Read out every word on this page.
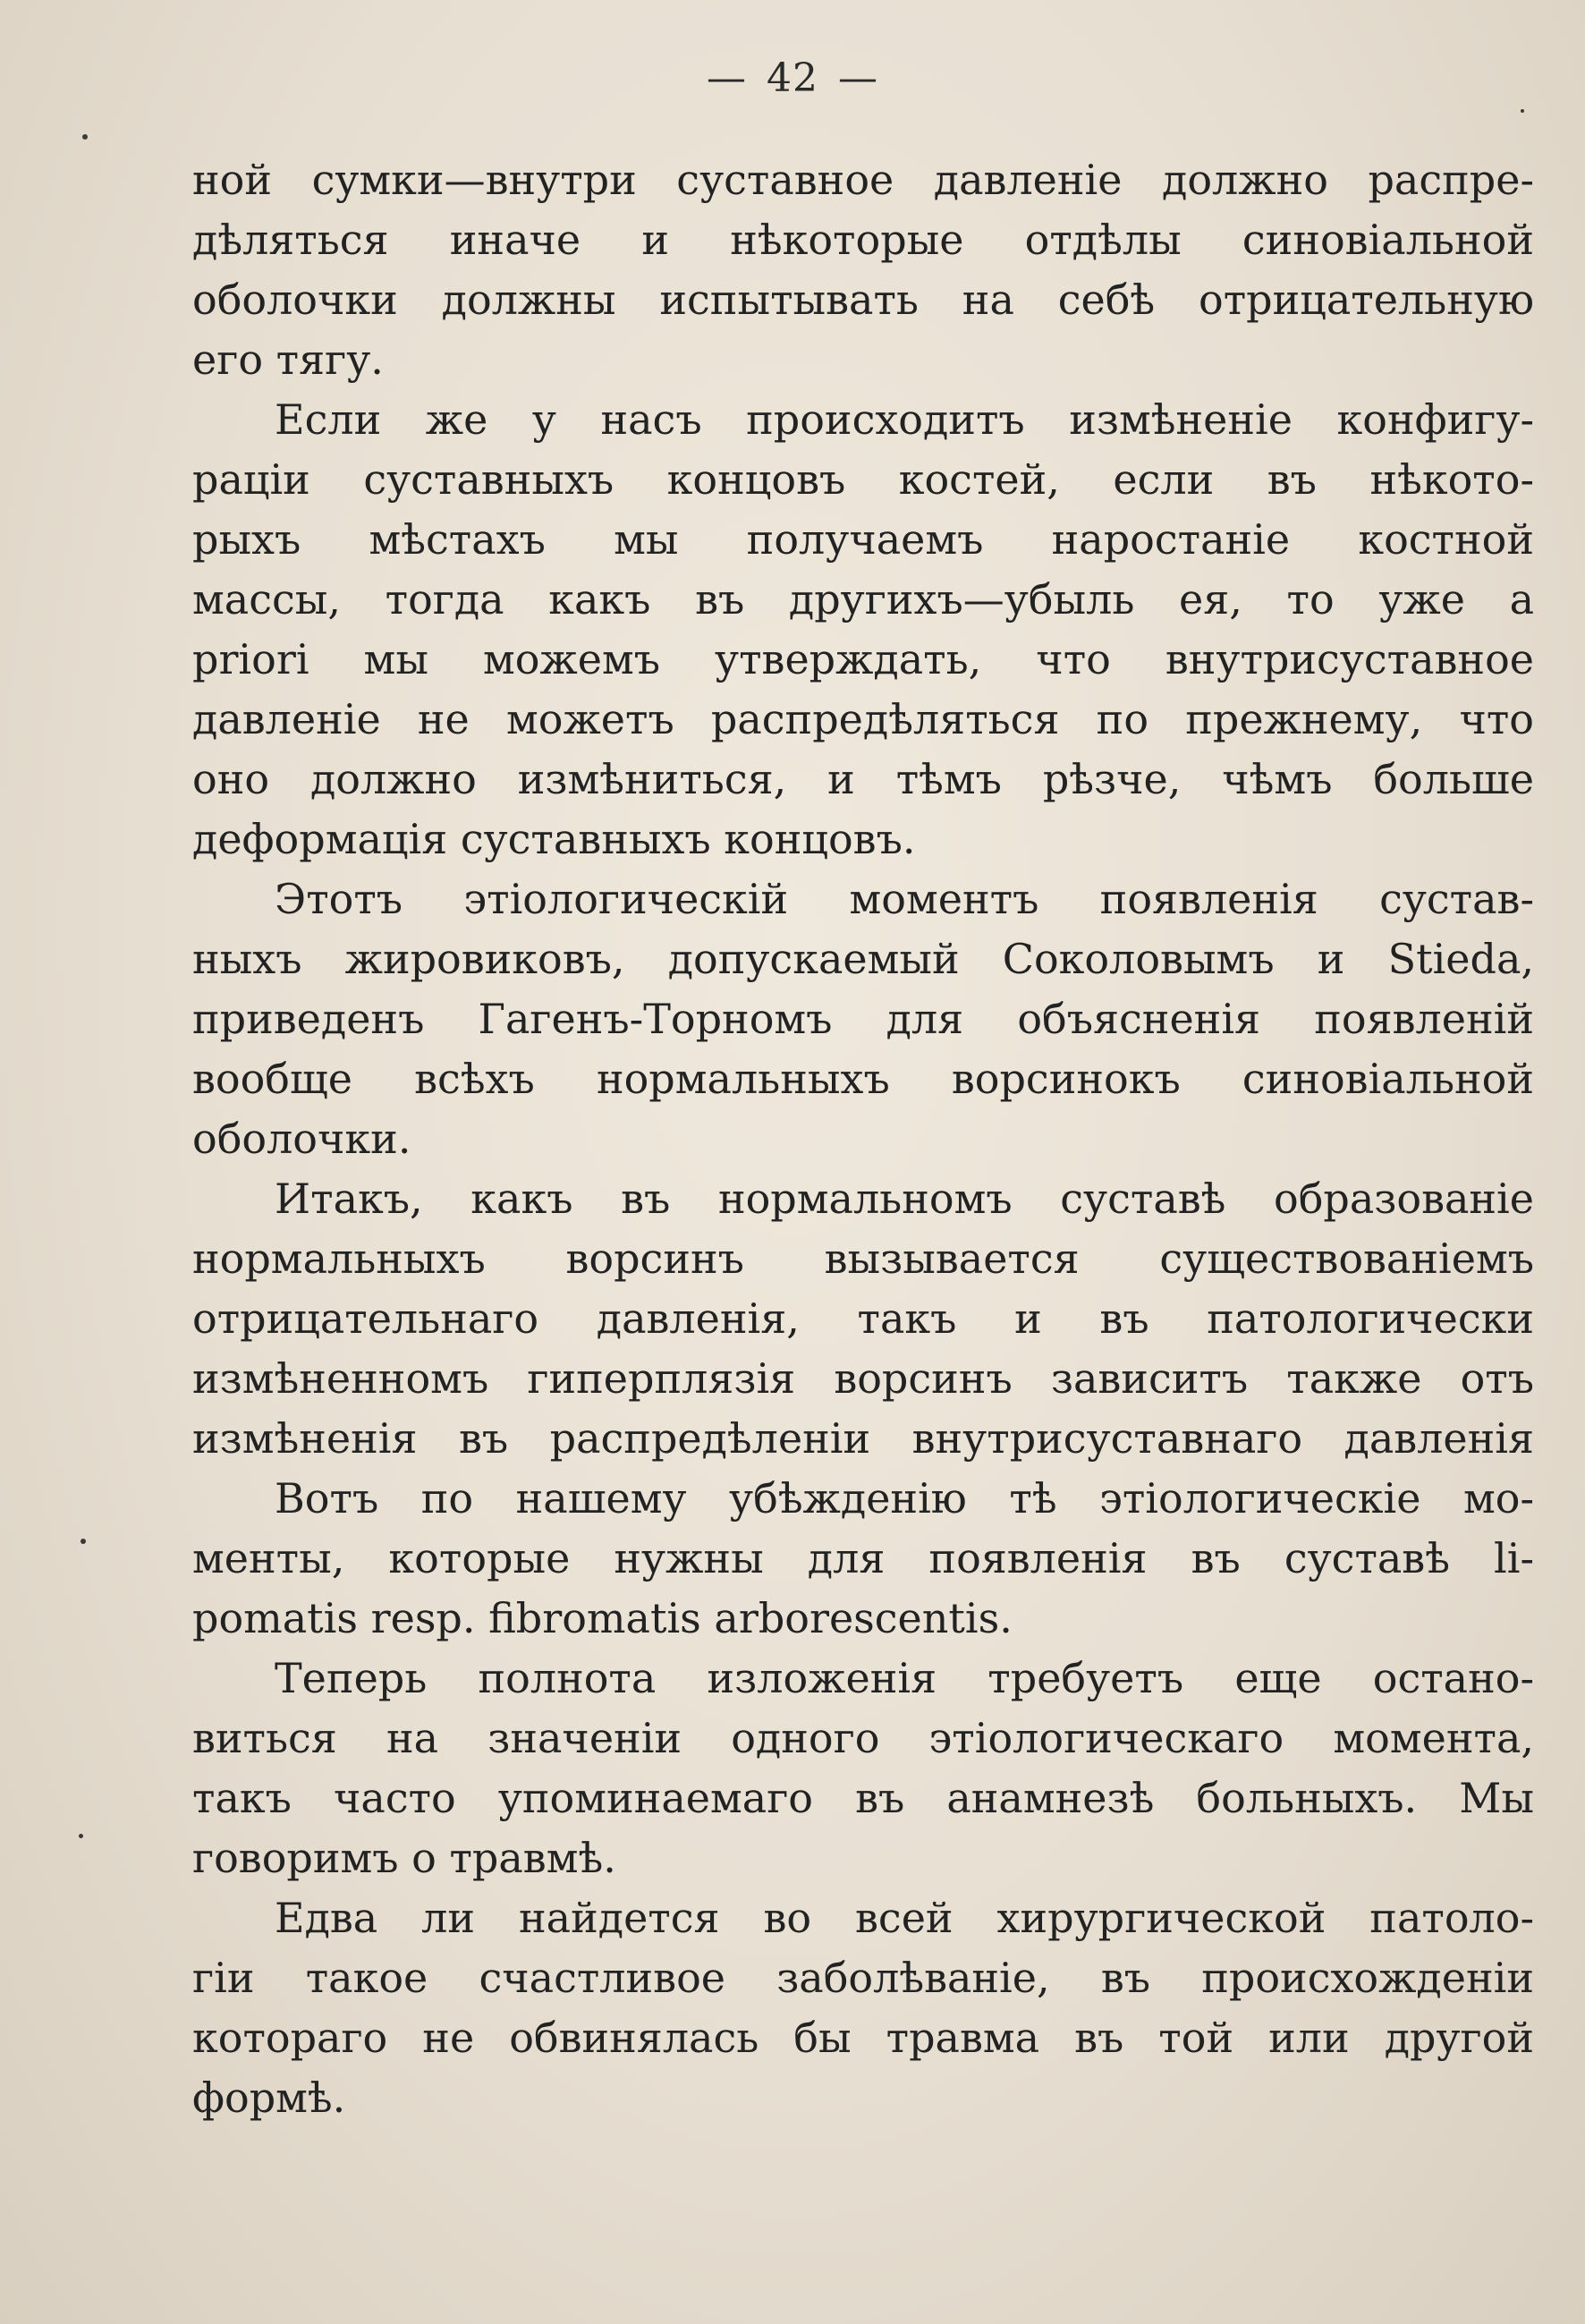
— 42 —
ной сумки—внутри суставное давленіе должно распре-
дѣляться иначе и нѣкоторые отдѣлы синовіальной
оболочки должны испытывать на себѣ отрицательную
его тягу.
Если же у насъ происходитъ измѣненіе конфигу-
раціи суставныхъ концовъ костей, если въ нѣкото-
рыхъ мѣстахъ мы получаемъ наростаніе костной
массы, тогда какъ въ другихъ—убыль ея, то уже a
priori мы можемъ утверждать, что внутрисуставное
давленіе не можетъ распредѣляться по прежнему, что
оно должно измѣниться, и тѣмъ рѣзче, чѣмъ больше
деформація суставныхъ концовъ.
Этотъ этіологическій моментъ появленія сустав-
ныхъ жировиковъ, допускаемый Соколовымъ и Stieda,
приведенъ Гагенъ-Торномъ для объясненія появленій
вообще всѣхъ нормальныхъ ворсинокъ синовіальной
оболочки.
Итакъ, какъ въ нормальномъ суставѣ образованіе
нормальныхъ ворсинъ вызывается существованіемъ
отрицательнаго давленія, такъ и въ патологически
измѣненномъ гиперплязія ворсинъ зависитъ также отъ
измѣненія въ распредѣленіи внутрисуставнаго давленія
Вотъ по нашему убѣжденію тѣ этіологическіе мо-
менты, которые нужны для появленія въ суставѣ li-
pomatis resp. fibromatis arborescentis.
Теперь полнота изложенія требуетъ еще остано-
виться на значеніи одного этіологическаго момента,
такъ часто упоминаемаго въ анамнезѣ больныхъ. Мы
говоримъ о травмѣ.
Едва ли найдется во всей хирургической патоло-
гіи такое счастливое заболѣваніе, въ происхожденіи
котораго не обвинялась бы травма въ той или другой
формѣ.
